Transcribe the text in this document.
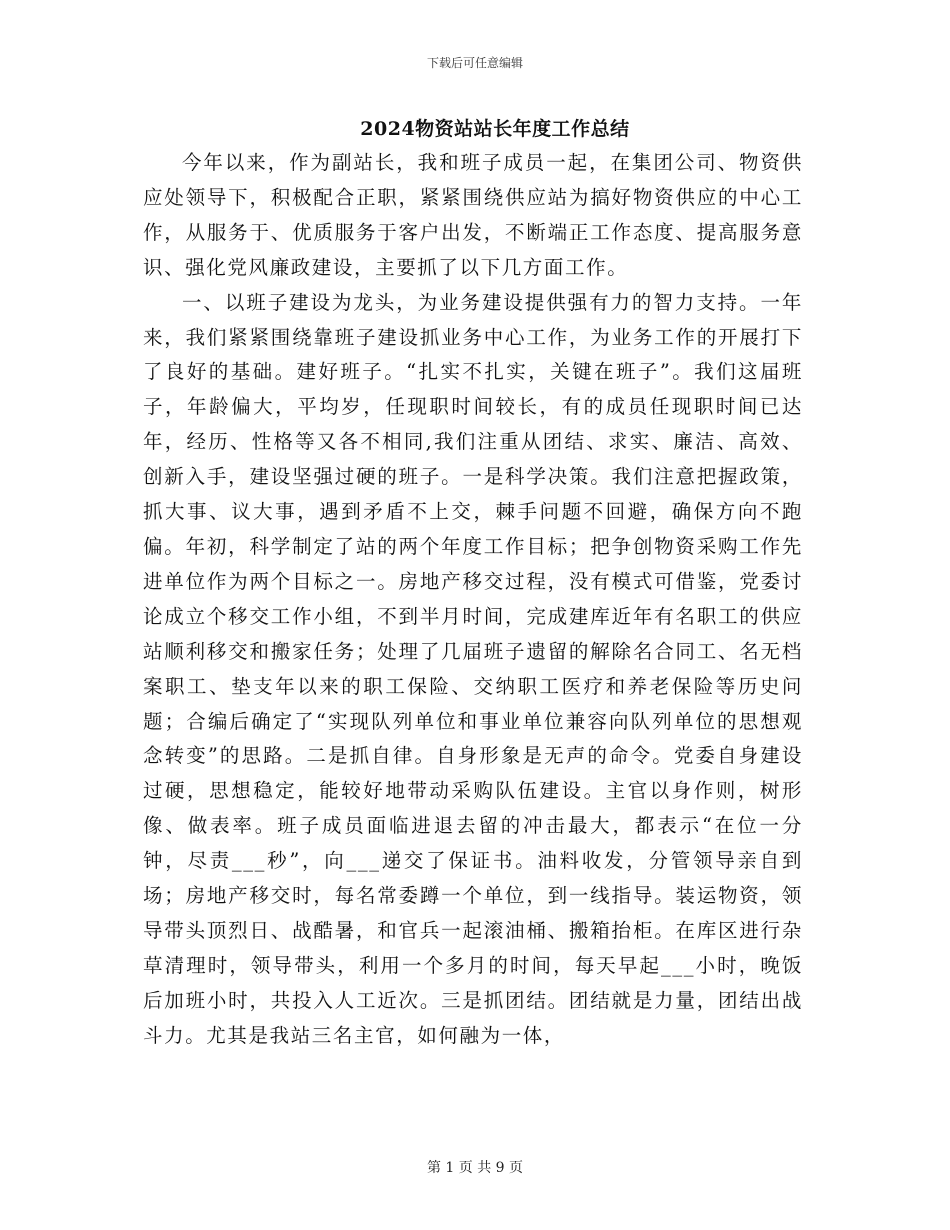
下载后可任意编辑
2024物资站站长年度工作总结

今年以来，作为副站长，我和班子成员一起，在集团公司、物资供应处领导下，积极配合正职，紧紧围绕供应站为搞好物资供应的中心工作，从服务于、优质服务于客户出发，不断端正工作态度、提高服务意识、强化党风廉政建设，主要抓了以下几方面工作。

一、以班子建设为龙头，为业务建设提供强有力的智力支持。一年来，我们紧紧围绕靠班子建设抓业务中心工作，为业务工作的开展打下了良好的基础。建好班子。“扎实不扎实，关键在班子”。我们这届班子，年龄偏大，平均岁，任现职时间较长，有的成员任现职时间已达年，经历、性格等又各不相同,我们注重从团结、求实、廉洁、高效、创新入手，建设坚强过硬的班子。一是科学决策。我们注意把握政策，抓大事、议大事，遇到矛盾不上交，棘手问题不回避，确保方向不跑偏。年初，科学制定了站的两个年度工作目标；把争创物资采购工作先进单位作为两个目标之一。房地产移交过程，没有模式可借鉴，党委讨论成立个移交工作小组，不到半月时间，完成建库近年有名职工的供应站顺利移交和搬家任务；处理了几届班子遗留的解除名合同工、名无档案职工、垫支年以来的职工保险、交纳职工医疗和养老保险等历史问题；合编后确定了“实现队列单位和事业单位兼容向队列单位的思想观念转变”的思路。二是抓自律。自身形象是无声的命令。党委自身建设过硬，思想稳定，能较好地带动采购队伍建设。主官以身作则，树形像、做表率。班子成员面临进退去留的冲击最大，都表示“在位一分钟，尽责___秒”，向___递交了保证书。油料收发，分管领导亲自到场；房地产移交时，每名常委蹲一个单位，到一线指导。装运物资，领导带头顶烈日、战酷暑，和官兵一起滚油桶、搬箱抬柜。在库区进行杂草清理时，领导带头，利用一个多月的时间，每天早起___小时，晚饭后加班小时，共投入人工近次。三是抓团结。团结就是力量，团结出战斗力。尤其是我站三名主官，如何融为一体，

第 1 页 共 9 页
